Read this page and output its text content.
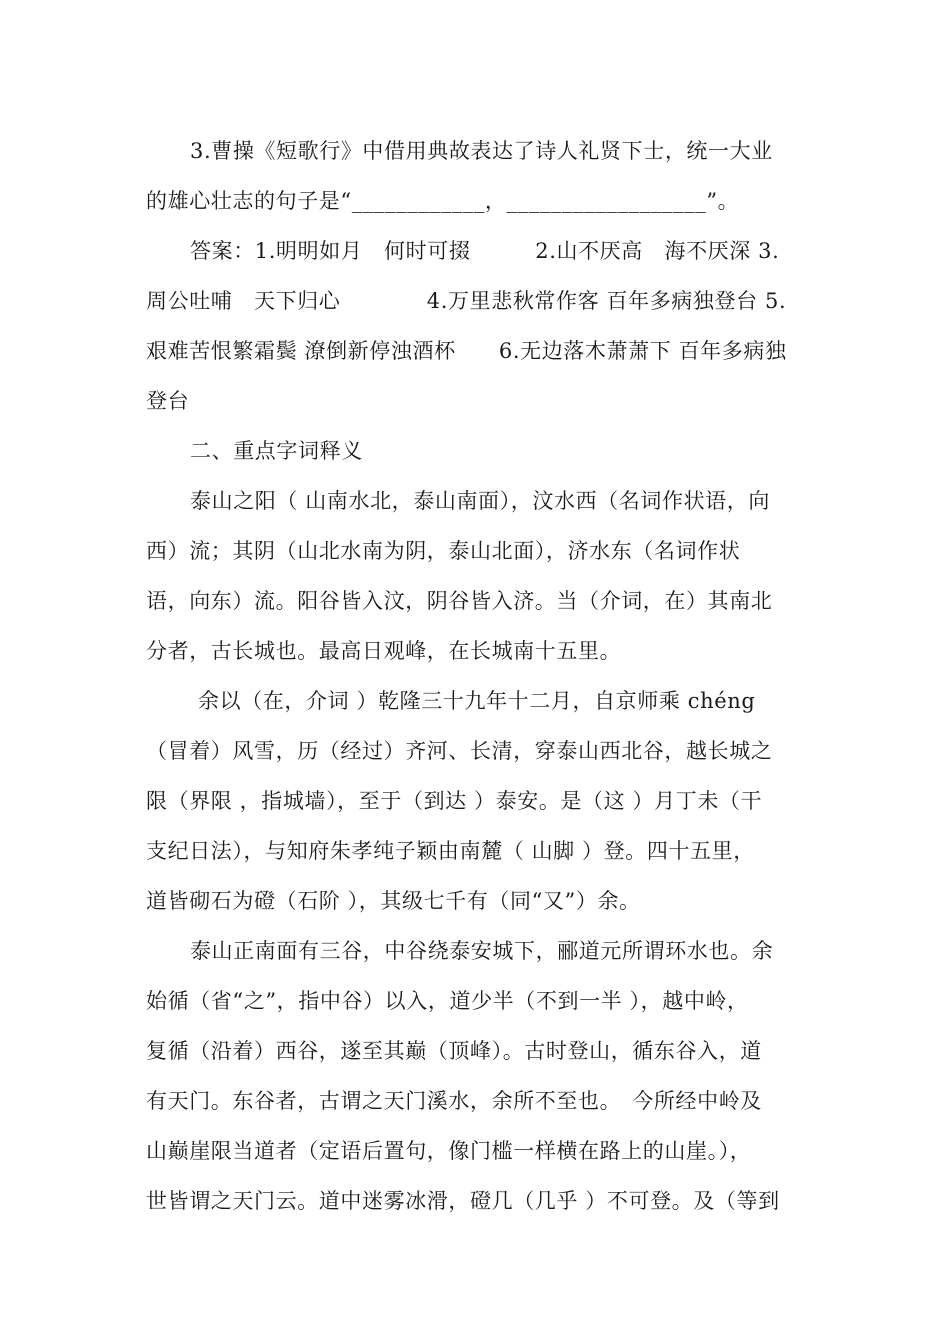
3.曹操《短歌行》中借用典故表达了诗人礼贤下士，统一大业
的雄心壮志的句子是“____________，__________________”。
答案：1.明明如月　何时可掇　　　2.山不厌高　海不厌深 3.
周公吐哺　天下归心　　　　4.万里悲秋常作客 百年多病独登台 5.
艰难苦恨繁霜鬓 潦倒新停浊酒杯　　6.无边落木萧萧下 百年多病独
登台
二、重点字词释义
泰山之阳（ 山南水北，泰山南面），汶水西（名词作状语，向
西）流；其阴（山北水南为阴，泰山北面），济水东（名词作状
语，向东）流。阳谷皆入汶，阴谷皆入济。当（介词，在）其南北
分者，古长城也。最高日观峰，在长城南十五里。
余以（在，介词 ）乾隆三十九年十二月，自京师乘 chéng
（冒着）风雪，历（经过）齐河、长清，穿泰山西北谷，越长城之
限（界限 ，指城墙），至于（到达 ）泰安。是（这 ）月丁未（干
支纪日法），与知府朱孝纯子颖由南麓（ 山脚 ）登。四十五里，
道皆砌石为磴（石阶 ），其级七千有（同“又”）余。
泰山正南面有三谷，中谷绕泰安城下，郦道元所谓环水也。余
始循（省“之”，指中谷）以入，道少半（不到一半 ），越中岭，
复循（沿着）西谷，遂至其巅（顶峰）。古时登山，循东谷入，道
有天门。东谷者，古谓之天门溪水，余所不至也。　今所经中岭及
山巅崖限当道者（定语后置句，像门槛一样横在路上的山崖。），
世皆谓之天门云。道中迷雾冰滑，磴几（几乎 ）不可登。及（等到
